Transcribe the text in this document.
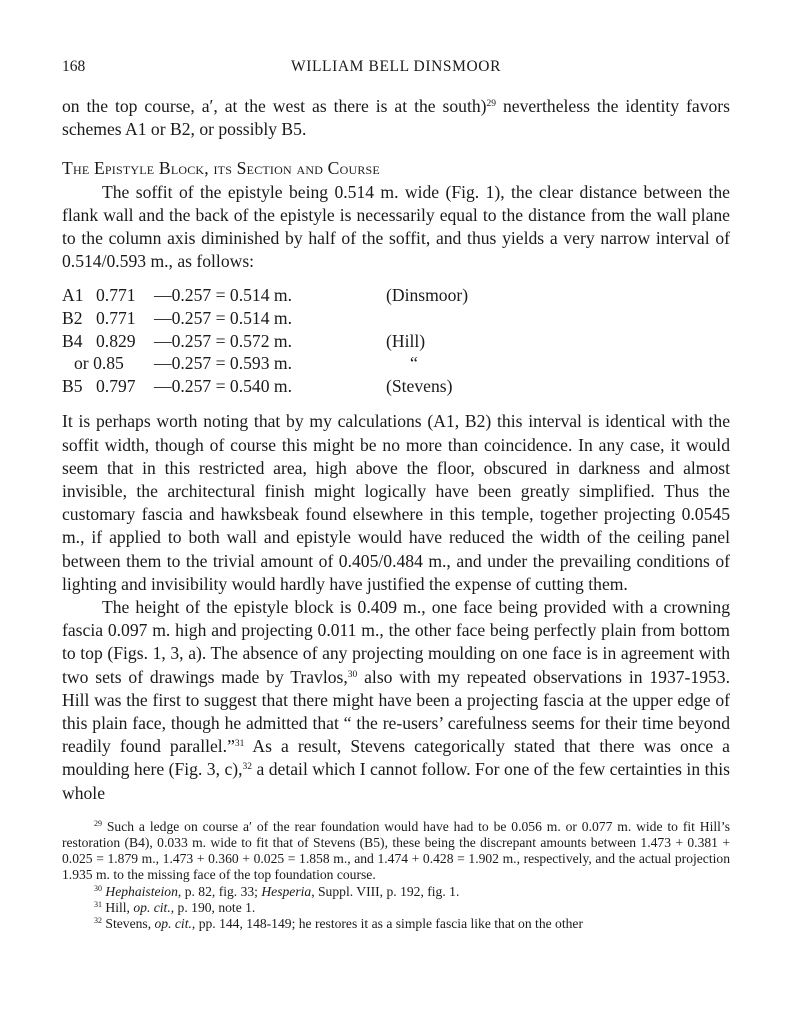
168	WILLIAM BELL DINSMOOR

on the top course, a′, at the west as there is at the south)$^{29}$ nevertheless the identity favors schemes A1 or B2, or possibly B5.

The Epistyle Block, its Section and Course

The soffit of the epistyle being 0.514 m. wide (Fig. 1), the clear distance between the flank wall and the back of the epistyle is necessarily equal to the distance from the wall plane to the column axis diminished by half of the soffit, and thus yields a very narrow interval of 0.514/0.593 m., as follows:

A1	0.771	—0.257 = 0.514 m.	(Dinsmoor)
B2	0.771	—0.257 = 0.514 m.	
B4	0.829	—0.257 = 0.572 m.	(Hill)
	or 0.85	—0.257 = 0.593 m.	“
B5	0.797	—0.257 = 0.540 m.	(Stevens)

It is perhaps worth noting that by my calculations (A1, B2) this interval is identical with the soffit width, though of course this might be no more than coincidence. In any case, it would seem that in this restricted area, high above the floor, obscured in darkness and almost invisible, the architectural finish might logically have been greatly simplified. Thus the customary fascia and hawksbeak found elsewhere in this temple, together projecting 0.0545 m., if applied to both wall and epistyle would have reduced the width of the ceiling panel between them to the trivial amount of 0.405/0.484 m., and under the prevailing conditions of lighting and invisibility would hardly have justified the expense of cutting them.

The height of the epistyle block is 0.409 m., one face being provided with a crowning fascia 0.097 m. high and projecting 0.011 m., the other face being perfectly plain from bottom to top (Figs. 1, 3, a). The absence of any projecting moulding on one face is in agreement with two sets of drawings made by Travlos,$^{30}$ also with my repeated observations in 1937-1953. Hill was the first to suggest that there might have been a projecting fascia at the upper edge of this plain face, though he admitted that “ the re-users’ carefulness seems for their time beyond readily found parallel.”$^{31}$ As a result, Stevens categorically stated that there was once a moulding here (Fig. 3, c),$^{32}$ a detail which I cannot follow. For one of the few certainties in this whole

$^{29}$ Such a ledge on course a′ of the rear foundation would have had to be 0.056 m. or 0.077 m. wide to fit Hill’s restoration (B4), 0.033 m. wide to fit that of Stevens (B5), these being the discrepant amounts between 1.473 + 0.381 + 0.025 = 1.879 m., 1.473 + 0.360 + 0.025 = 1.858 m., and 1.474 + 0.428 = 1.902 m., respectively, and the actual projection 1.935 m. to the missing face of the top foundation course.
$^{30}$ Hephaisteion, p. 82, fig. 33; Hesperia, Suppl. VIII, p. 192, fig. 1.
$^{31}$ Hill, op. cit., p. 190, note 1.
$^{32}$ Stevens, op. cit., pp. 144, 148-149; he restores it as a simple fascia like that on the other
